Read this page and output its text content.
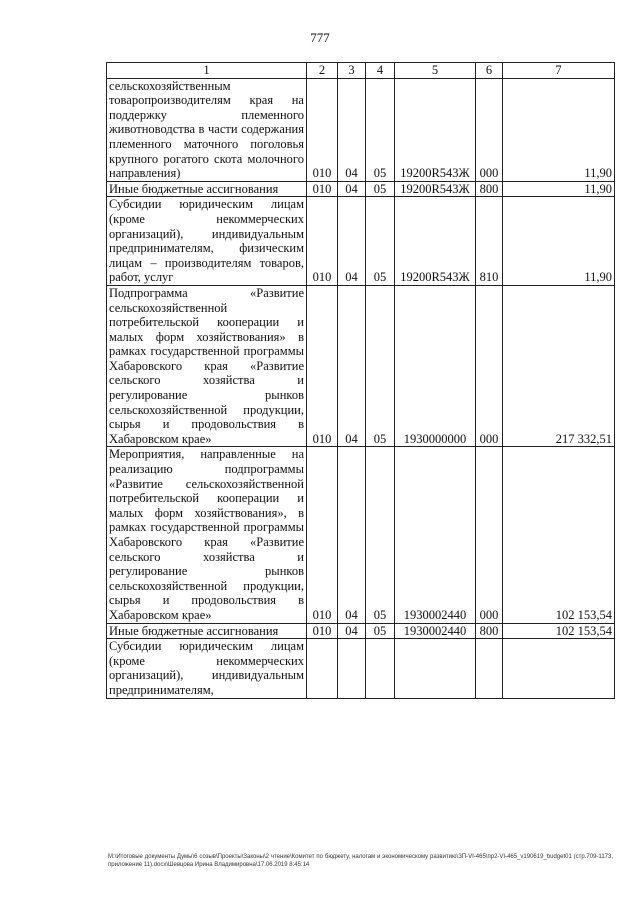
777
1	2	3	4	5	6	7
сельскохозяйственным товаропроизводителям края на поддержку племенного животноводства в части содержания племенного маточного поголовья крупного рогатого скота молочного направления)	010	04	05	19200R543Ж	000	11,90
Иные бюджетные ассигнования	010	04	05	19200R543Ж	800	11,90
Субсидии юридическим лицам (кроме некоммерческих организаций), индивидуальным предпринимателям, физическим лицам – производителям товаров, работ, услуг	010	04	05	19200R543Ж	810	11,90
Подпрограмма «Развитие сельскохозяйственной потребительской кооперации и малых форм хозяйствования» в рамках государственной программы Хабаровского края «Развитие сельского хозяйства и регулирование рынков сельскохозяйственной продукции, сырья и продовольствия в Хабаровском крае»	010	04	05	1930000000	000	217 332,51
Мероприятия, направленные на реализацию подпрограммы «Развитие сельскохозяйственной потребительской кооперации и малых форм хозяйствования», в рамках государственной программы Хабаровского края «Развитие сельского хозяйства и регулирование рынков сельскохозяйственной продукции, сырья и продовольствия в Хабаровском крае»	010	04	05	1930002440	000	102 153,54
Иные бюджетные ассигнования	010	04	05	1930002440	800	102 153,54
Субсидии юридическим лицам (кроме некоммерческих организаций), индивидуальным предпринимателям,						
M:\Итоговые документы Думы\6 созыв\Проекты\Законы\2 чтение\Комитет по бюджету, налогам и экономическому развитию\ЗП-VI-465\пр2-VI-465_v190619_budget01 (стр.709-1173, приложение 11).docx\Шевцова Ирина Владимировна\17.06.2019 8:45:14
